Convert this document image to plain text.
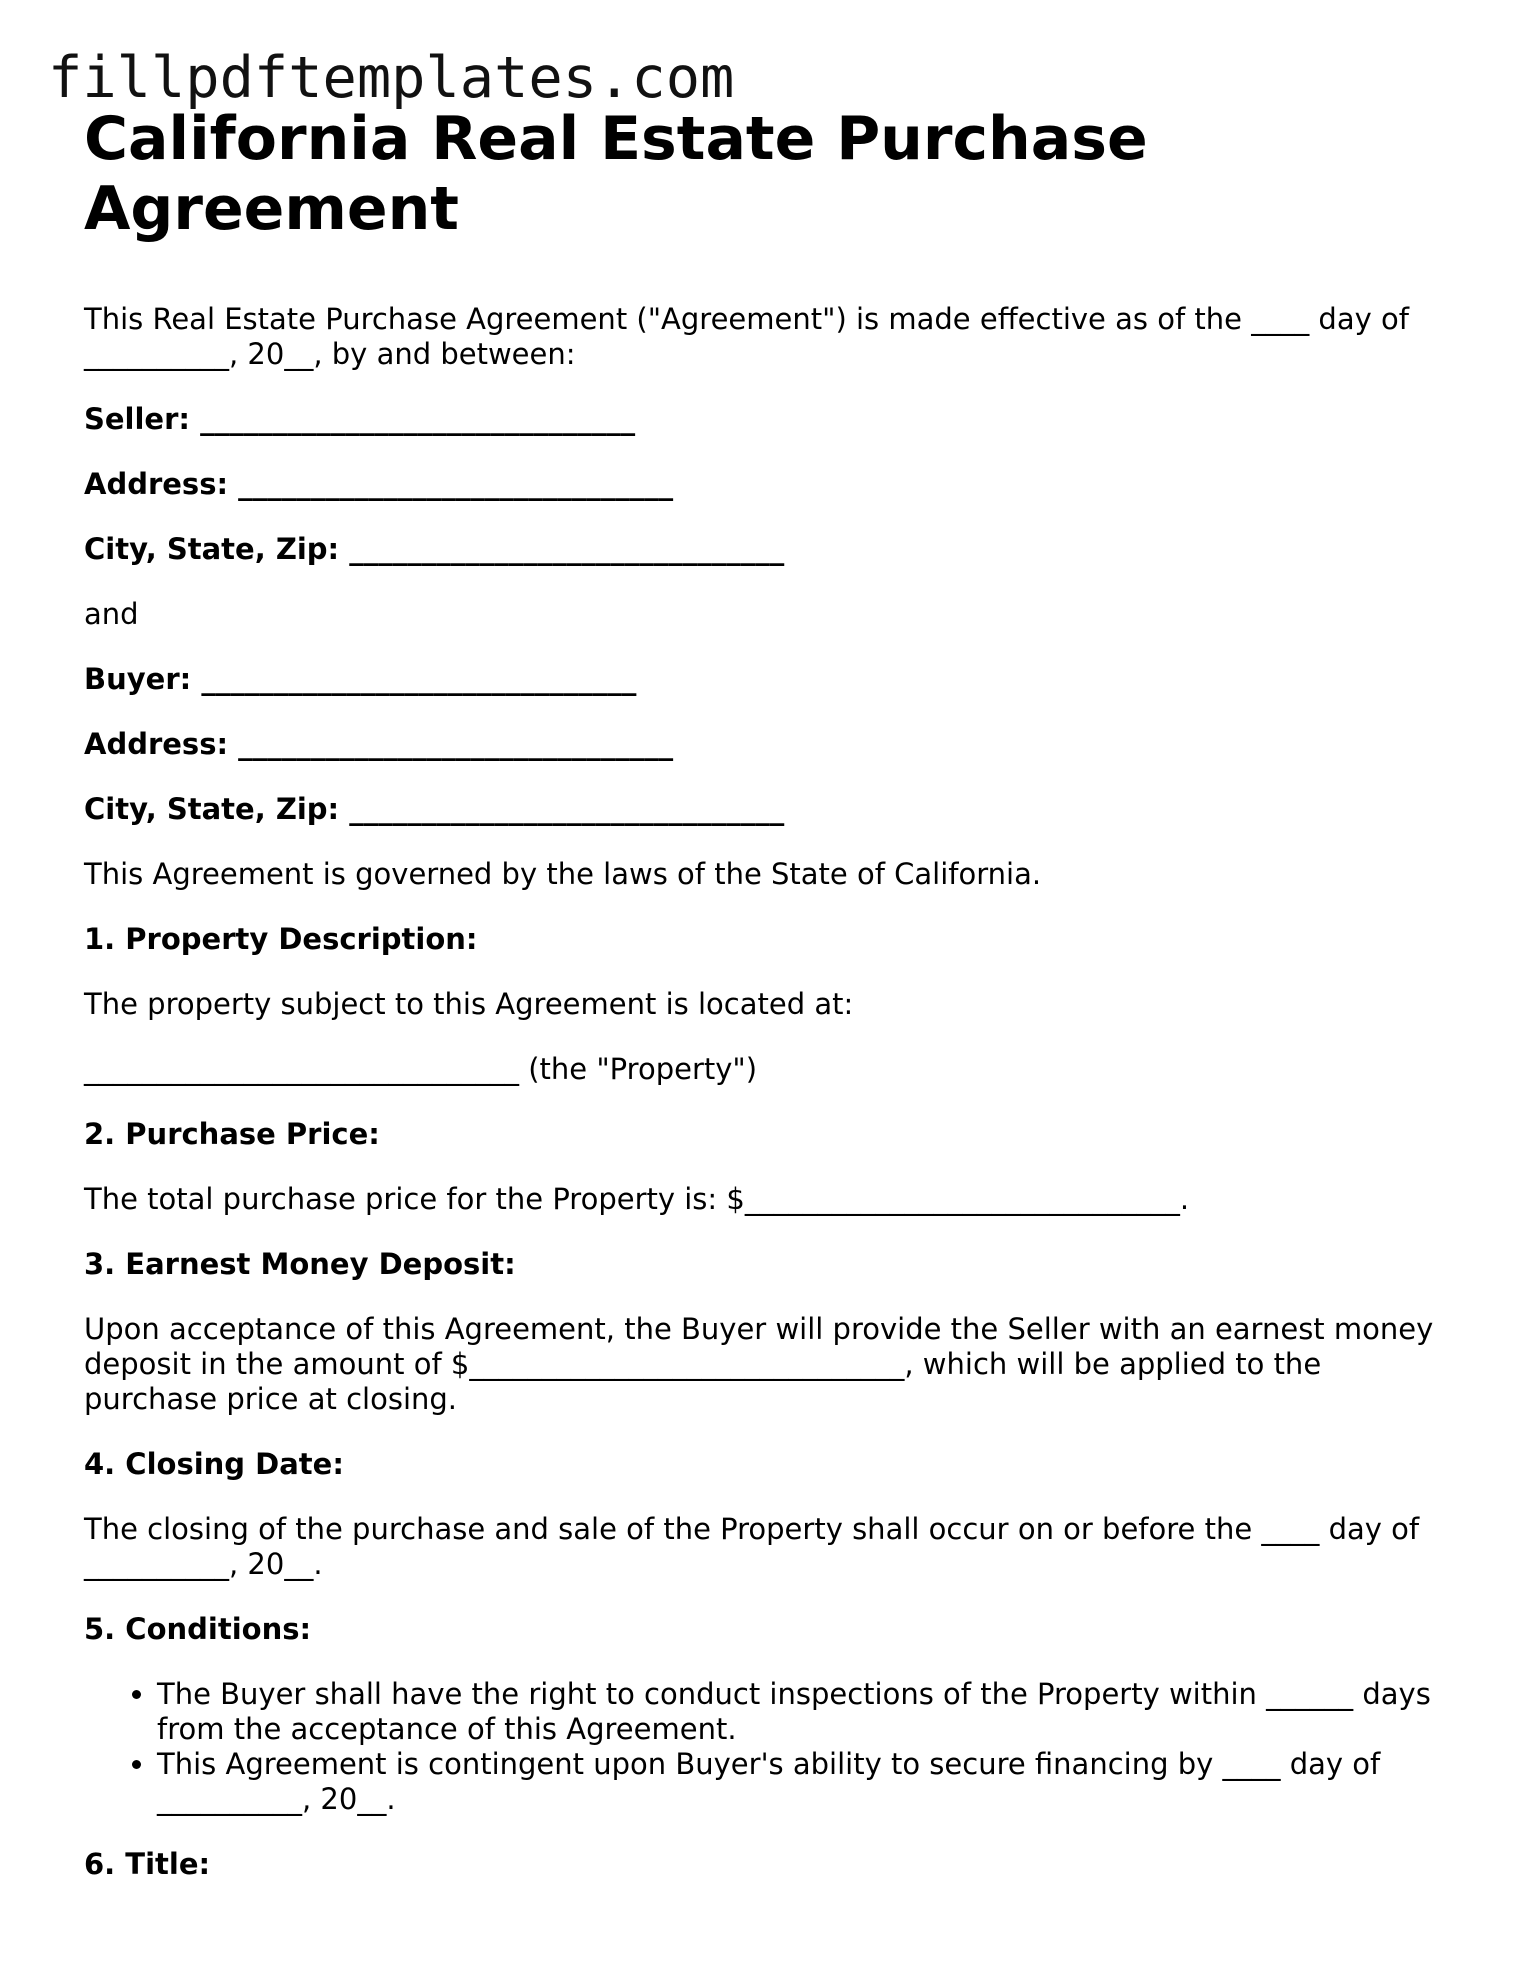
fillpdftemplates.com
California Real Estate Purchase Agreement

This Real Estate Purchase Agreement ("Agreement") is made effective as of the ____ day of __________, 20__, by and between:

Seller: ______________________________

Address: ______________________________

City, State, Zip: ______________________________

and

Buyer: ______________________________

Address: ______________________________

City, State, Zip: ______________________________

This Agreement is governed by the laws of the State of California.

1. Property Description:

The property subject to this Agreement is located at:

______________________________ (the "Property")

2. Purchase Price:

The total purchase price for the Property is: $______________________________.

3. Earnest Money Deposit:

Upon acceptance of this Agreement, the Buyer will provide the Seller with an earnest money deposit in the amount of $______________________________, which will be applied to the purchase price at closing.

4. Closing Date:

The closing of the purchase and sale of the Property shall occur on or before the ____ day of __________, 20__.

5. Conditions:

• The Buyer shall have the right to conduct inspections of the Property within ______ days from the acceptance of this Agreement.
• This Agreement is contingent upon Buyer's ability to secure financing by ____ day of __________, 20__.

6. Title:
